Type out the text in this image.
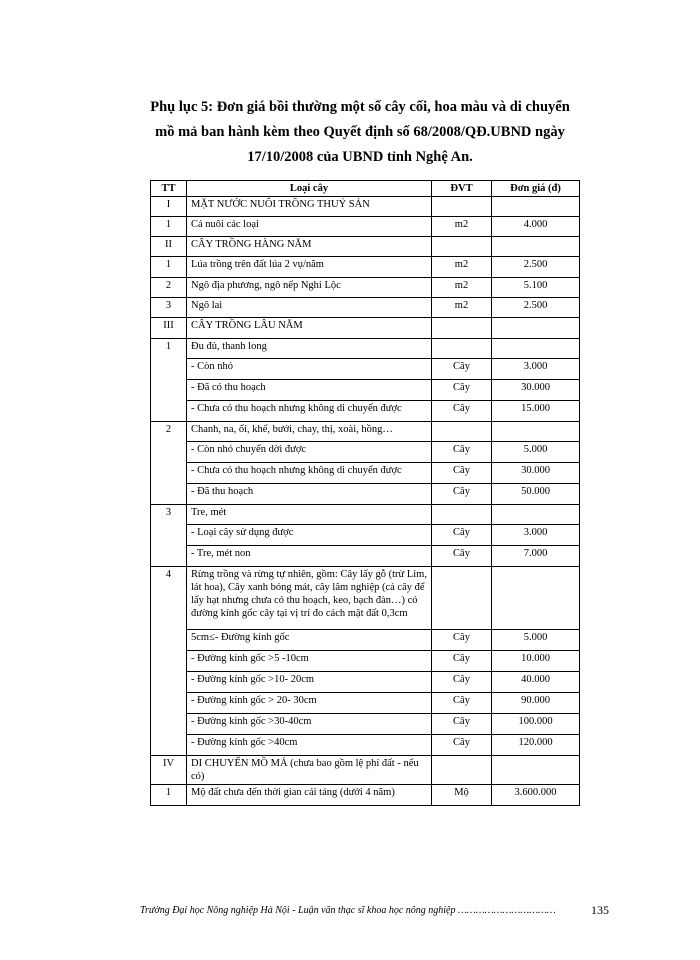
Phụ lục 5: Đơn giá bồi thường một số cây cối, hoa màu và di chuyển
mồ mả ban hành kèm theo Quyết định số 68/2008/QĐ.UBND ngày
17/10/2008 của UBND tỉnh Nghệ An.
TT	Loại cây	ĐVT	Đơn giá (đ)
I	MẶT NƯỚC NUÔI TRỒNG THUỶ SẢN		
1	Cá nuôi các loại	m2	4.000
II	CÂY TRỒNG HÀNG NĂM		
1	Lúa trồng trên đất lúa 2 vụ/năm	m2	2.500
2	Ngô địa phương, ngô nếp Nghi Lộc	m2	5.100
3	Ngô lai	m2	2.500
III	CÂY TRỒNG LÂU NĂM		
1	Đu đủ, thanh long		
	- Còn nhỏ	Cây	3.000
	- Đã có thu hoạch	Cây	30.000
	- Chưa có thu hoạch nhưng không di chuyển được	Cây	15.000
2	Chanh, na, ổi, khế, bưởi, chay, thị, xoài, hồng…		
	- Còn nhỏ chuyển dời được	Cây	5.000
	- Chưa có thu hoạch nhưng không di chuyển được	Cây	30.000
	- Đã thu hoạch	Cây	50.000
3	Tre, mét		
	- Loại cây sử dụng được	Cây	3.000
	- Tre, mét non	Cây	7.000
4	Rừng trồng và rừng tự nhiên, gồm: Cây lấy gỗ (trừ Lim, lát hoa), Cây xanh bóng mát, cây lâm nghiệp (cả cây để lấy hạt nhưng chưa có thu hoạch, keo, bạch đàn…) có đường kính gốc cây tại vị trí đo cách mặt đất 0,3cm		
	5cm≤- Đường kính gốc	Cây	5.000
	- Đường kính gốc >5 -10cm	Cây	10.000
	- Đường kính gốc >10- 20cm	Cây	40.000
	- Đường kính gốc > 20- 30cm	Cây	90.000
	- Đường kính gốc >30-40cm	Cây	100.000
	- Đường kính gốc >40cm	Cây	120.000
IV	DI CHUYỂN MỒ MẢ (chưa bao gồm lệ phí đất - nếu có)		
1	Mộ đất chưa đến thời gian cải táng (dưới 4 năm)	Mộ	3.600.000
Trường Đại học Nông nghiệp Hà Nội - Luận văn thạc sĩ khoa học nông nghiệp ……………………………	135
